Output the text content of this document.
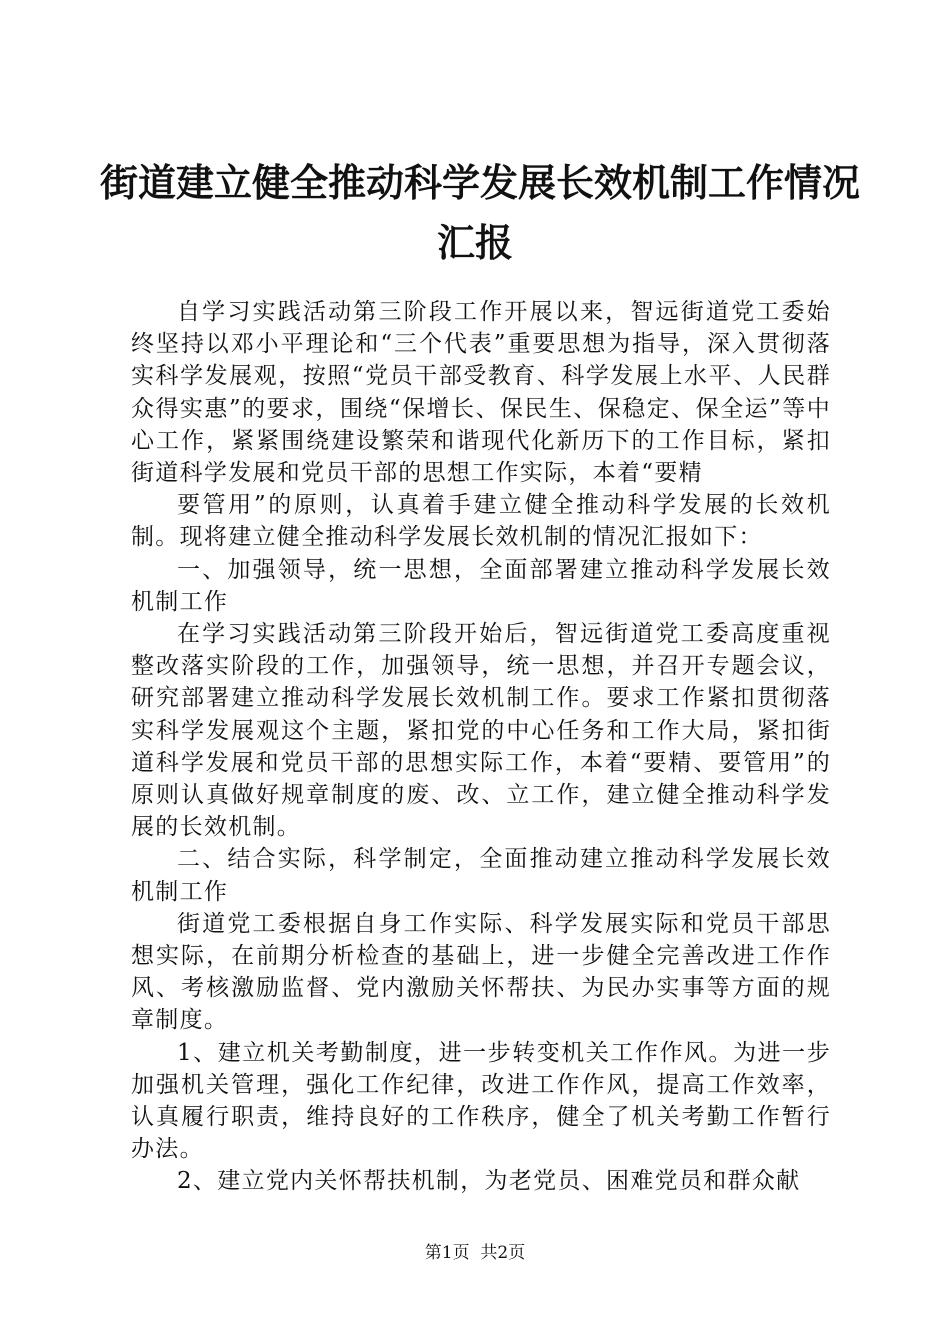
街道建立健全推动科学发展长效机制工作情况
汇报

自学习实践活动第三阶段工作开展以来，智远街道党工委始终坚持以邓小平理论和“三个代表”重要思想为指导，深入贯彻落实科学发展观，按照“党员干部受教育、科学发展上水平、人民群众得实惠”的要求，围绕“保增长、保民生、保稳定、保全运”等中心工作，紧紧围绕建设繁荣和谐现代化新历下的工作目标，紧扣街道科学发展和党员干部的思想工作实际，本着“要精

要管用”的原则，认真着手建立健全推动科学发展的长效机制。现将建立健全推动科学发展长效机制的情况汇报如下：

一、加强领导，统一思想，全面部署建立推动科学发展长效机制工作

在学习实践活动第三阶段开始后，智远街道党工委高度重视整改落实阶段的工作，加强领导，统一思想，并召开专题会议，研究部署建立推动科学发展长效机制工作。要求工作紧扣贯彻落实科学发展观这个主题，紧扣党的中心任务和工作大局，紧扣街道科学发展和党员干部的思想实际工作，本着“要精、要管用”的原则认真做好规章制度的废、改、立工作，建立健全推动科学发展的长效机制。

二、结合实际，科学制定，全面推动建立推动科学发展长效机制工作

街道党工委根据自身工作实际、科学发展实际和党员干部思想实际，在前期分析检查的基础上，进一步健全完善改进工作作风、考核激励监督、党内激励关怀帮扶、为民办实事等方面的规章制度。

1、建立机关考勤制度，进一步转变机关工作作风。为进一步加强机关管理，强化工作纪律，改进工作作风，提高工作效率，认真履行职责，维持良好的工作秩序，健全了机关考勤工作暂行办法。

2、建立党内关怀帮扶机制，为老党员、困难党员和群众献

第1页  共2页
